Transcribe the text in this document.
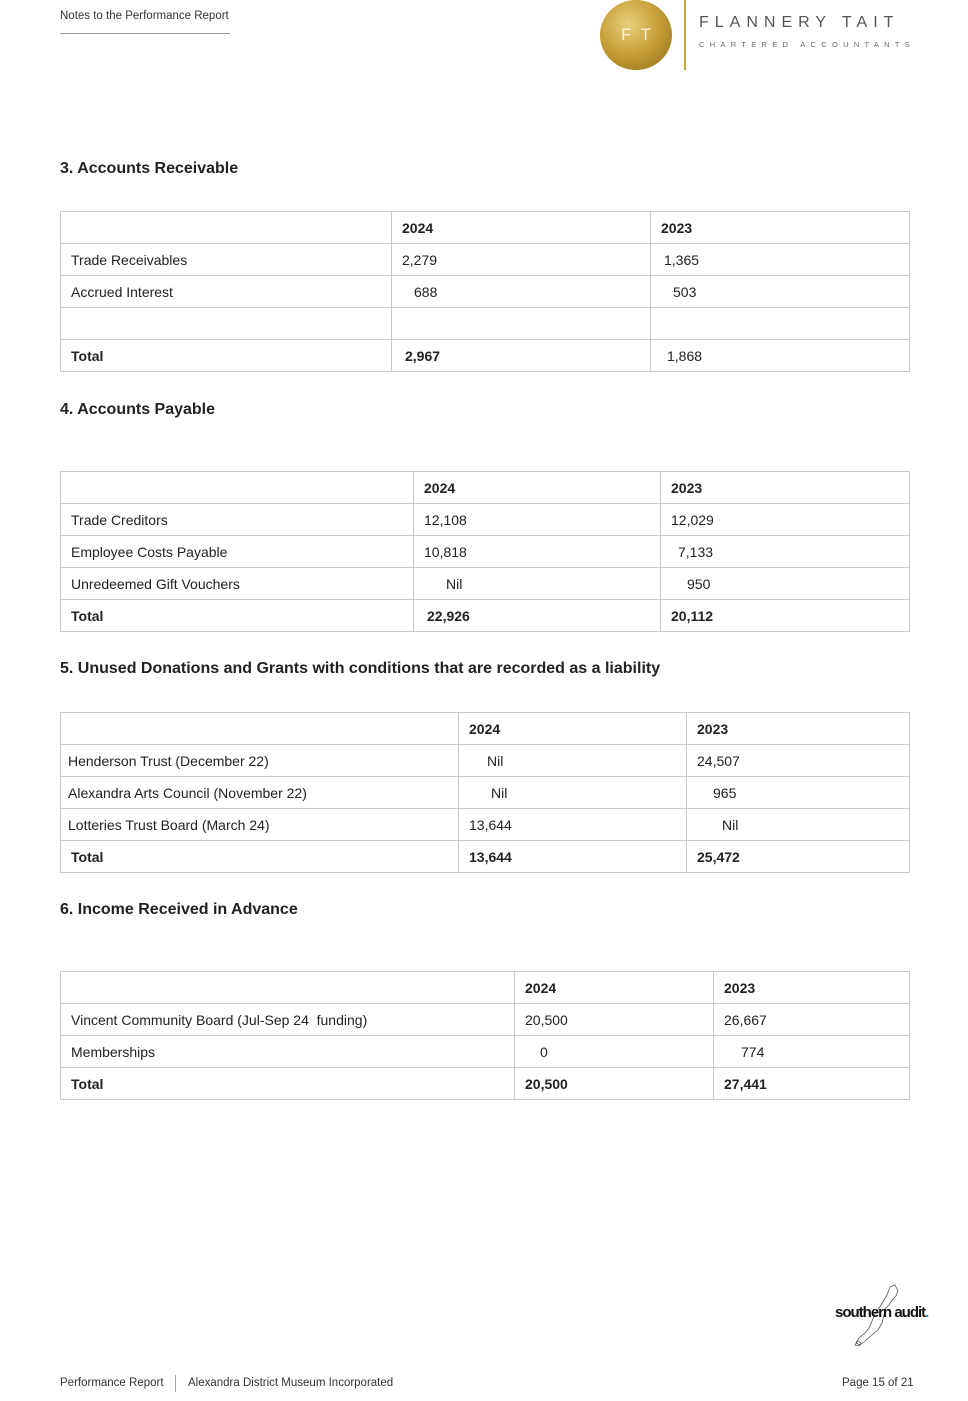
Notes to the Performance Report
FT
FLANNERY TAIT
CHARTERED ACCOUNTANTS
3. Accounts Receivable
	2024	2023
Trade Receivables	2,279	1,365
Accrued Interest	688	503

Total	2,967	1,868
4. Accounts Payable
	2024	2023
Trade Creditors	12,108	12,029
Employee Costs Payable	10,818	7,133
Unredeemed Gift Vouchers	Nil	950
Total	22,926	20,112
5. Unused Donations and Grants with conditions that are recorded as a liability
	2024	2023
Henderson Trust (December 22)	Nil	24,507
Alexandra Arts Council (November 22)	Nil	965
Lotteries Trust Board (March 24)	13,644	Nil
Total	13,644	25,472
6. Income Received in Advance
	2024	2023
Vincent Community Board (Jul-Sep 24  funding)	20,500	26,667
Memberships	0	774
Total	20,500	27,441
southern audit.
Performance Report Alexandra District Museum Incorporated	Page 15 of 21
